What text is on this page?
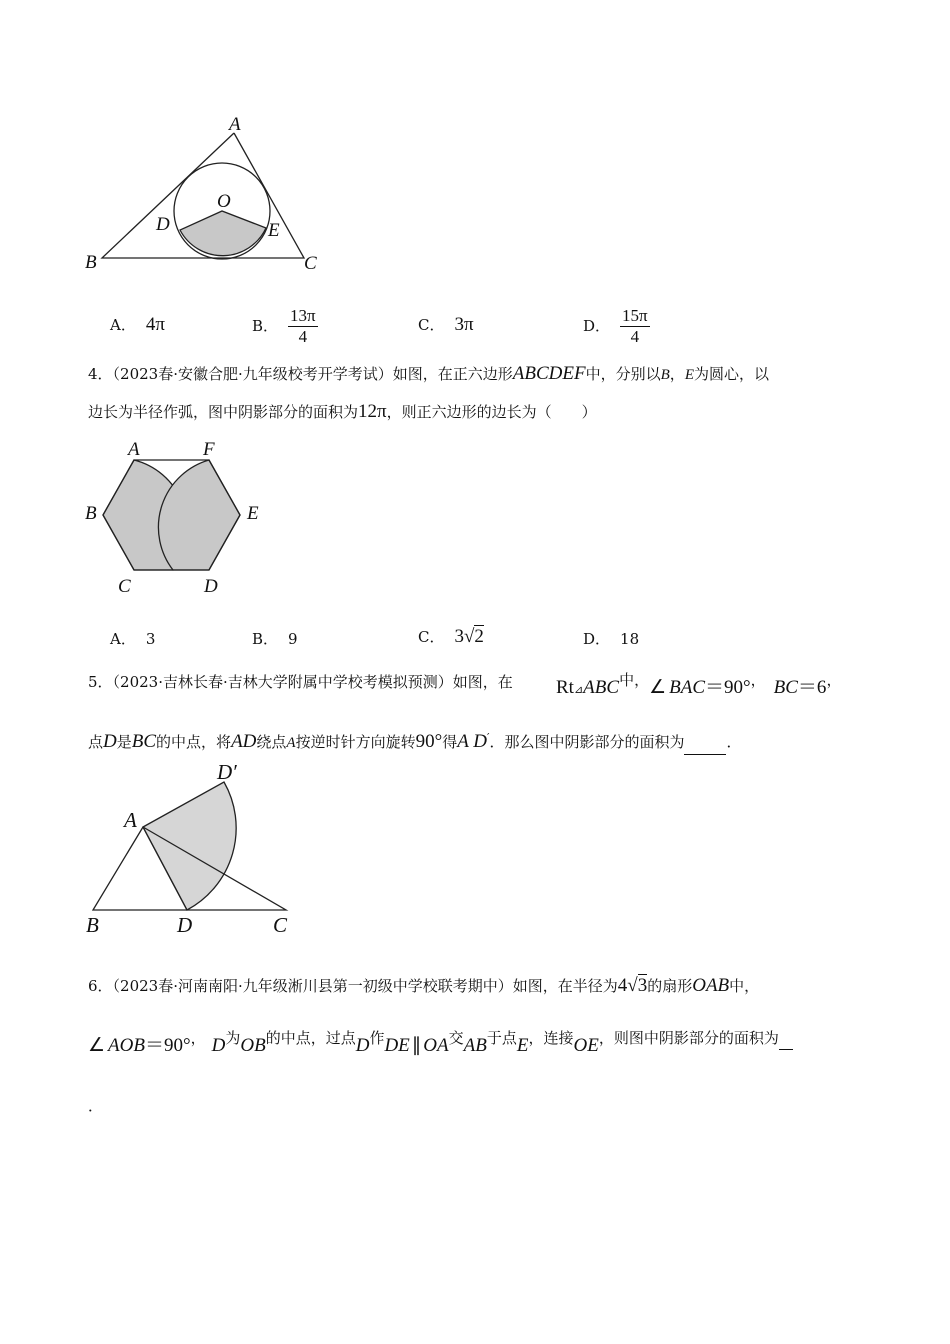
A
B	C
O
D	E
A． 4π	B． $\frac{13\pi}{4}$	C． 3π	D． $\frac{15\pi}{4}$
4．（2023春·安徽合肥·九年级校考开学考试）如图，在正六边形ABCDEF中，分别以B，E为圆心，以
边长为半径作弧，图中阴影部分的面积为12π，则正六边形的边长为（　　）
A	F
B	E
C	D
A． 3	B． 9	C． 3√2	D． 18
5．（2023·吉林长春·吉林大学附属中学校考模拟预测）如图，在 Rt⊿ABC中，∠ BAC＝90°， BC＝6，
点D是BC的中点，将AD绕点A按逆时针方向旋转90°得A D′．那么图中阴影部分的面积为	．
D′
A
B	D	C
6．（2023春·河南南阳·九年级淅川县第一初级中学校联考期中）如图，在半径为4√3的扇形OAB中，
∠ AOB＝90°， D为OB的中点，过点D作DE ∥ OA交AB于点E，连接OE，则图中阴影部分的面积为
．
